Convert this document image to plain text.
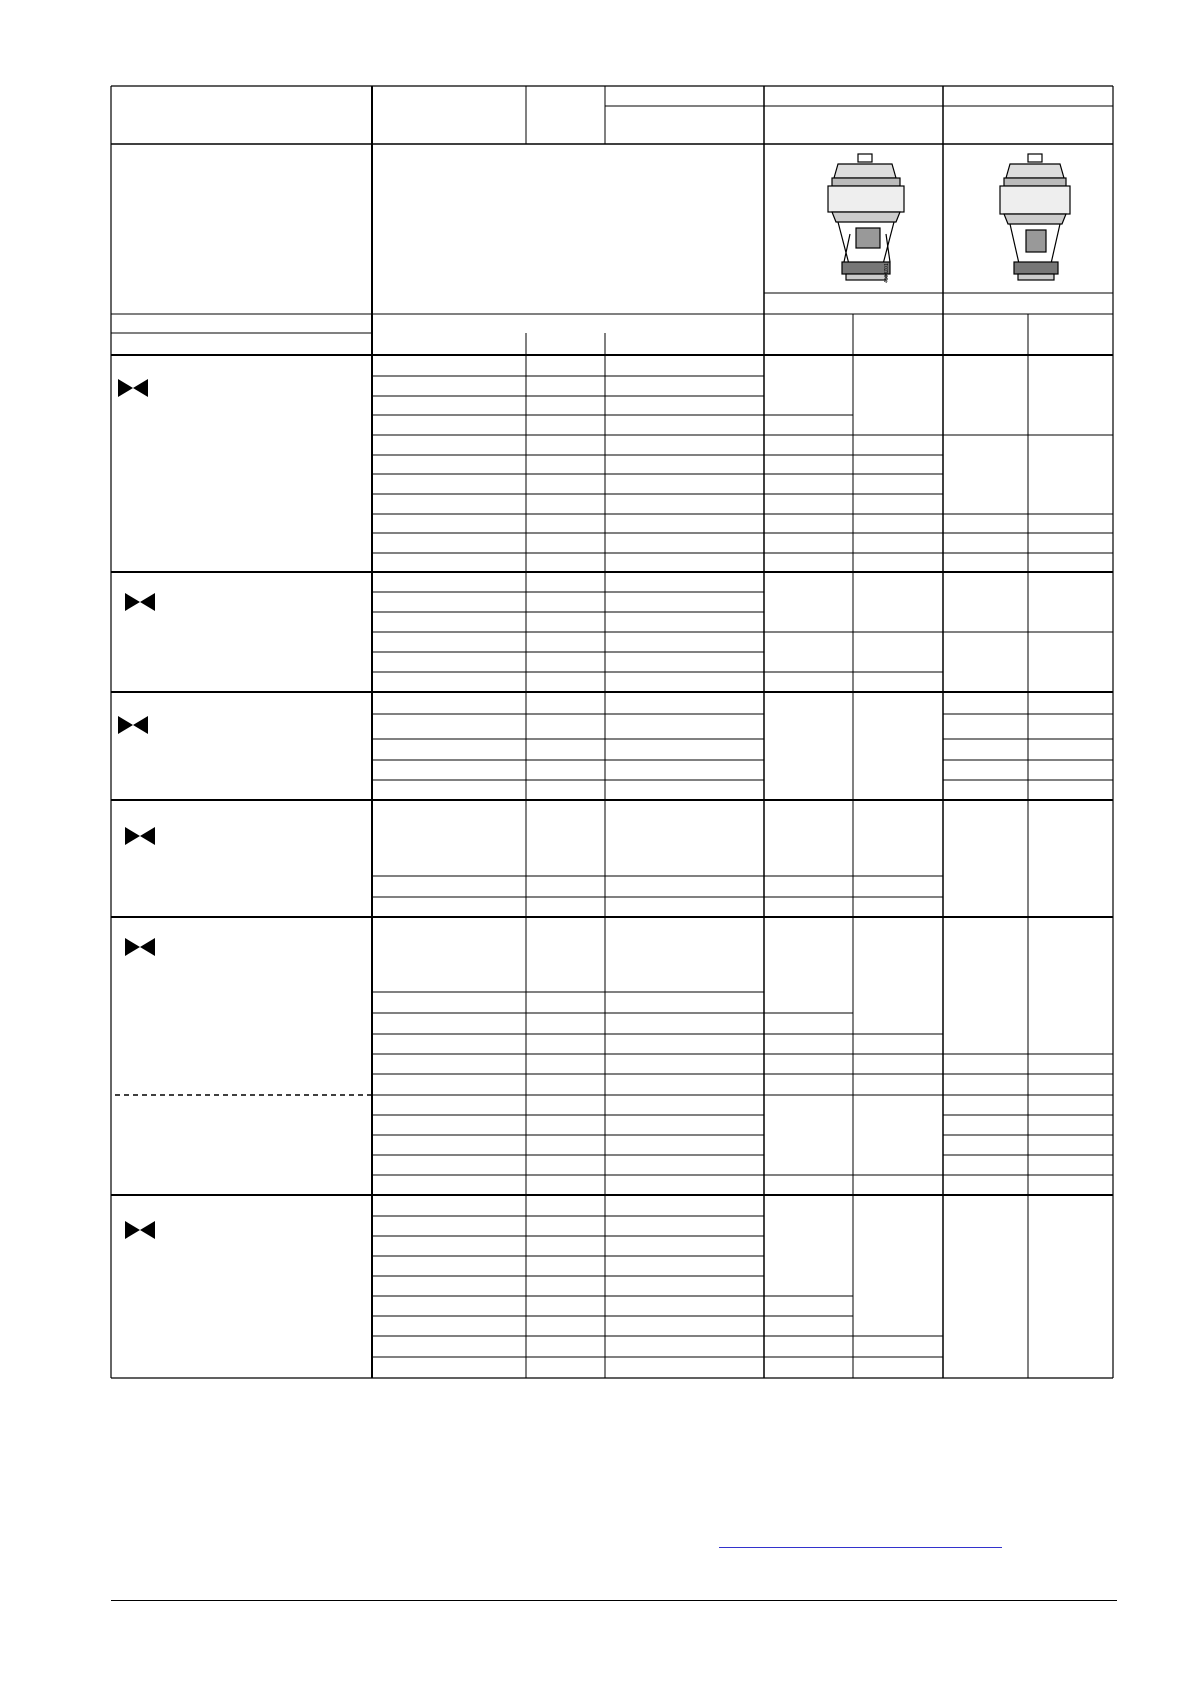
4508Z01
